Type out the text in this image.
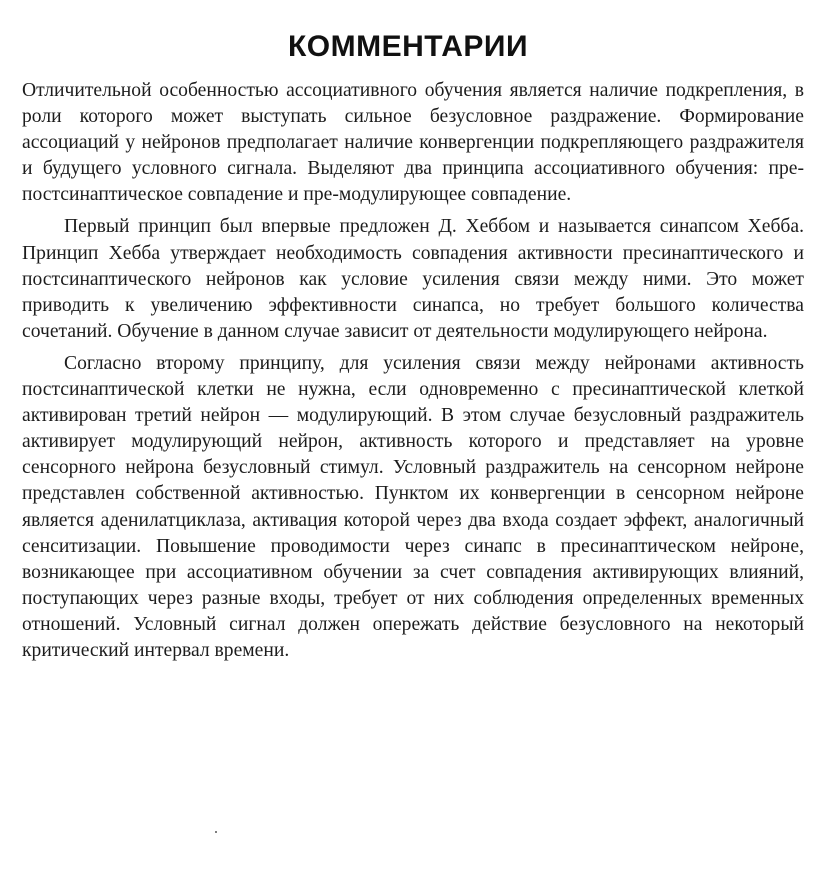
КОММЕНТАРИИ

Отличительной особенностью ассоциативного обучения является наличие подкрепления, в роли которого может выступать сильное безусловное раздражение. Формирование ассоциаций у нейронов предполагает наличие конвергенции подкрепляющего раздражителя и будущего условного сигнала. Выделяют два принципа ассоциативного обучения: пре-постсинаптическое совпадение и пре-модулирующее совпадение.

Первый принцип был впервые предложен Д. Хеббом и называется синапсом Хебба. Принцип Хебба утверждает необходимость совпадения активности пресинаптического и постсинаптического нейронов как условие усиления связи между ними. Это может приводить к увеличению эффективности синапса, но требует большого количества сочетаний. Обучение в данном случае зависит от деятельности модулирующего нейрона.

Согласно второму принципу, для усиления связи между нейронами активность постсинаптической клетки не нужна, если одновременно с пресинаптической клеткой активирован третий нейрон — модулирующий. В этом случае безусловный раздражитель активирует модулирующий нейрон, активность которого и представляет на уровне сенсорного нейрона безусловный стимул. Условный раздражитель на сенсорном нейроне представлен собственной активностью. Пунктом их конвергенции в сенсорном нейроне является аденилатциклаза, активация которой через два входа создает эффект, аналогичный сенситизации. Повышение проводимости через синапс в пресинаптическом нейроне, возникающее при ассоциативном обучении за счет совпадения активирующих влияний, поступающих через разные входы, требует от них соблюдения определенных временных отношений. Условный сигнал должен опережать действие безусловного на некоторый критический интервал времени.
